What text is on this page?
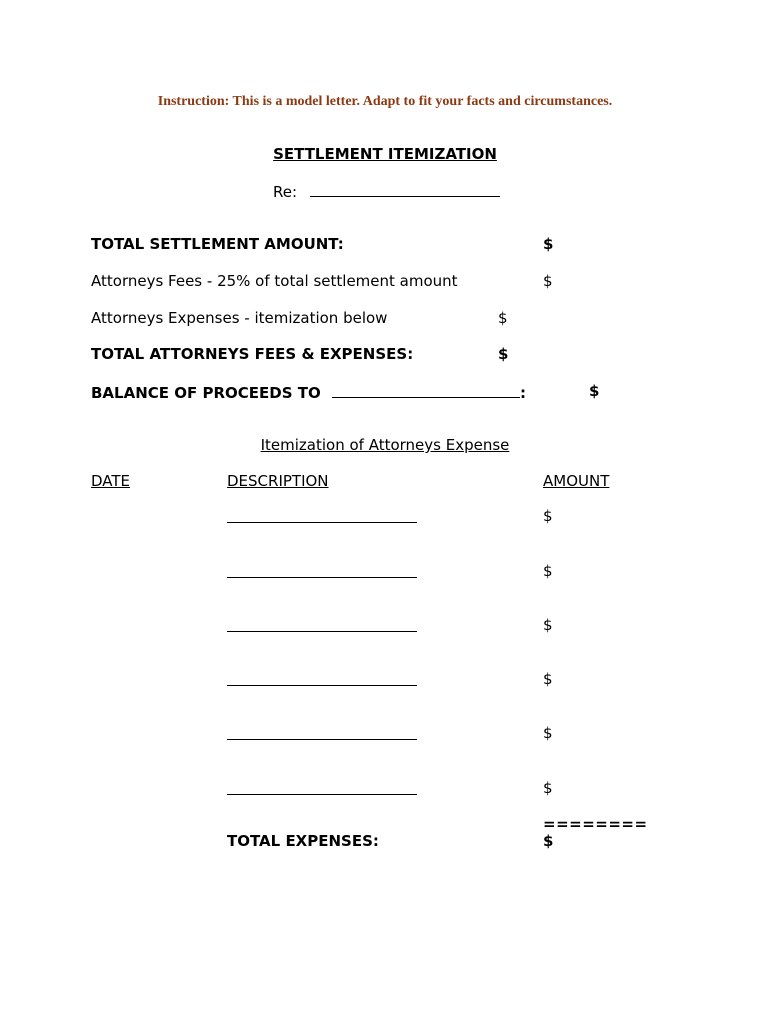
Instruction: This is a model letter. Adapt to fit your facts and circumstances.
SETTLEMENT ITEMIZATION
Re:
TOTAL SETTLEMENT AMOUNT:	$
Attorneys Fees - 25% of total settlement amount	$
Attorneys Expenses - itemization below	$
TOTAL ATTORNEYS FEES & EXPENSES:	$
BALANCE OF PROCEEDS TO	:	$
Itemization of Attorneys Expense
DATE	DESCRIPTION	AMOUNT
$
$
$
$
$
$
========
TOTAL EXPENSES:	$
